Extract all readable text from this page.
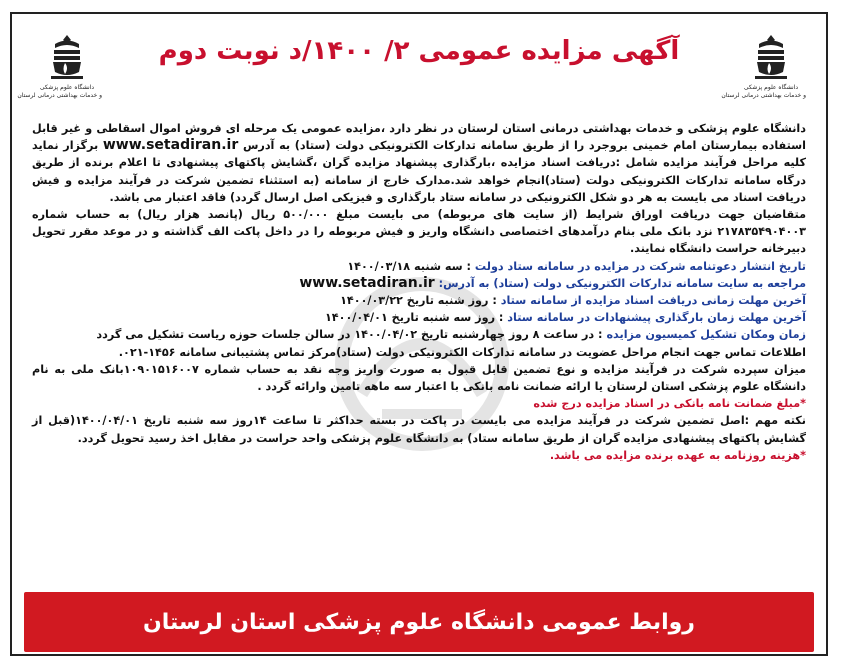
دانشگاه علوم پزشکی
و خدمات بهداشتی درمانی لرستان
دانشگاه علوم پزشکی
و خدمات بهداشتی درمانی لرستان
آگهی مزایده عمومی ۲/ ۱۴۰۰/د نوبت دوم

دانشگاه علوم پزشکی و خدمات بهداشتی درمانی استان لرستان در نظر دارد ،مزایده عمومی یک مرحله ای فروش اموال اسقاطی و غیر قابل استفاده بیمارستان امام خمینی بروجرد را از طریق سامانه تدارکات الکترونیکی دولت (ستاد) به آدرس www.setadiran.ir برگزار نماید کلیه مراحل فرآیند مزایده شامل :دریافت اسناد مزایده ،بارگذاری پیشنهاد مزایده گران ،گشایش پاکتهای پیشنهادی تا اعلام برنده از طریق درگاه سامانه تدارکات الکترونیکی دولت (ستاد)انجام خواهد شد.مدارک خارج از سامانه (به استثناء تضمین شرکت در فرآیند مزایده و فیش دریافت اسناد می بایست به هر دو شکل الکترونیکی در سامانه ستاد بارگذاری و فیزیکی اصل ارسال گردد) فاقد اعتبار می باشد.

متقاضیان جهت دریافت اوراق شرایط (از سایت های مربوطه) می بایست مبلغ ۵۰۰/۰۰۰ ریال (پانصد هزار ریال) به حساب شماره ۲۱۷۸۳۵۴۹۰۴۰۰۳ نزد بانک ملی بنام درآمدهای اختصاصی دانشگاه واریز و فیش مربوطه را در داخل پاکت الف گذاشته و در موعد مقرر تحویل دبیرخانه حراست دانشگاه نمایند.

تاریخ انتشار دعوتنامه شرکت در مزایده در سامانه ستاد دولت : سه شنبه ۱۴۰۰/۰۳/۱۸

مراجعه به سایت سامانه تدارکات الکترونیکی دولت (ستاد) به آدرس: www.setadiran.ir

آخرین مهلت زمانی دریافت اسناد مزایده از سامانه ستاد : روز شنبه تاریخ ۱۴۰۰/۰۳/۲۲

آخرین مهلت زمان بارگذاری پیشنهادات در سامانه ستاد : روز سه شنبه تاریخ ۱۴۰۰/۰۴/۰۱

زمان ومکان تشکیل کمیسیون مزایده : در ساعت ۸ روز چهارشنبه تاریخ ۱۴۰۰/۰۴/۰۲ در سالن جلسات حوزه ریاست تشکیل می گردد

اطلاعات تماس جهت انجام مراحل عضویت در سامانه تدارکات الکترونیکی دولت (ستاد)مرکز تماس پشتیبانی سامانه ۱۴۵۶-۰۲۱.

میزان سپرده شرکت در فرآیند مزایده و نوع تضمین قابل قبول به صورت واریز وجه نقد به حساب شماره ۱۰۹۰۱۵۱۶۰۰۷بانک ملی به نام دانشگاه علوم پزشکی استان لرستان یا ارائه ضمانت نامه بانکی با اعتبار سه ماهه تامین وارائه گردد .

*مبلغ ضمانت نامه بانکی در اسناد مزایده درج شده

نکته مهم :اصل تضمین شرکت در فرآیند مزایده می بایست در پاکت در بسته حداکثر تا ساعت ۱۴روز سه شنبه تاریخ ۱۴۰۰/۰۴/۰۱(قبل از گشایش پاکتهای پیشنهادی مزایده گران از طریق سامانه ستاد) به دانشگاه علوم پزشکی واحد حراست در مقابل اخذ رسید تحویل گردد.

*هزینه روزنامه به عهده برنده مزایده می باشد.

روابط عمومی دانشگاه علوم پزشکی استان لرستان
